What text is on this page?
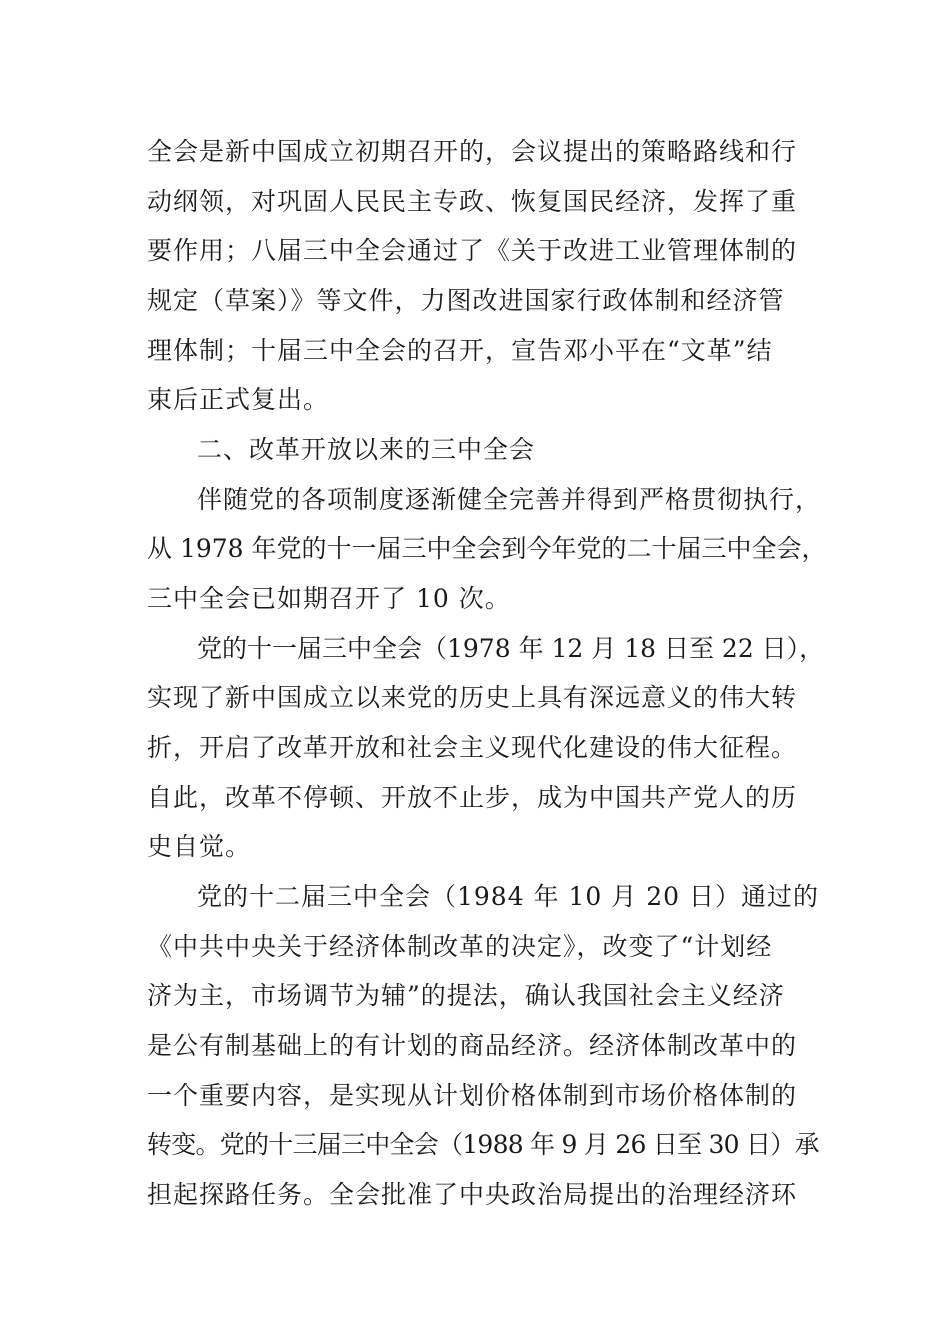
全会是新中国成立初期召开的，会议提出的策略路线和行
动纲领，对巩固人民民主专政、恢复国民经济，发挥了重
要作用；八届三中全会通过了《关于改进工业管理体制的
规定（草案）》等文件，力图改进国家行政体制和经济管
理体制；十届三中全会的召开，宣告邓小平在“文革”结
束后正式复出。
二、改革开放以来的三中全会
伴随党的各项制度逐渐健全完善并得到严格贯彻执行，
从 1978 年党的十一届三中全会到今年党的二十届三中全会，
三中全会已如期召开了 10 次。
党的十一届三中全会（1978 年 12 月 18 日至 22 日），
实现了新中国成立以来党的历史上具有深远意义的伟大转
折，开启了改革开放和社会主义现代化建设的伟大征程。
自此，改革不停顿、开放不止步，成为中国共产党人的历
史自觉。
党的十二届三中全会（1984 年 10 月 20 日）通过的
《中共中央关于经济体制改革的决定》，改变了“计划经
济为主，市场调节为辅”的提法，确认我国社会主义经济
是公有制基础上的有计划的商品经济。经济体制改革中的
一个重要内容，是实现从计划价格体制到市场价格体制的
转变。党的十三届三中全会（1988 年 9 月 26 日至 30 日）承
担起探路任务。全会批准了中央政治局提出的治理经济环
